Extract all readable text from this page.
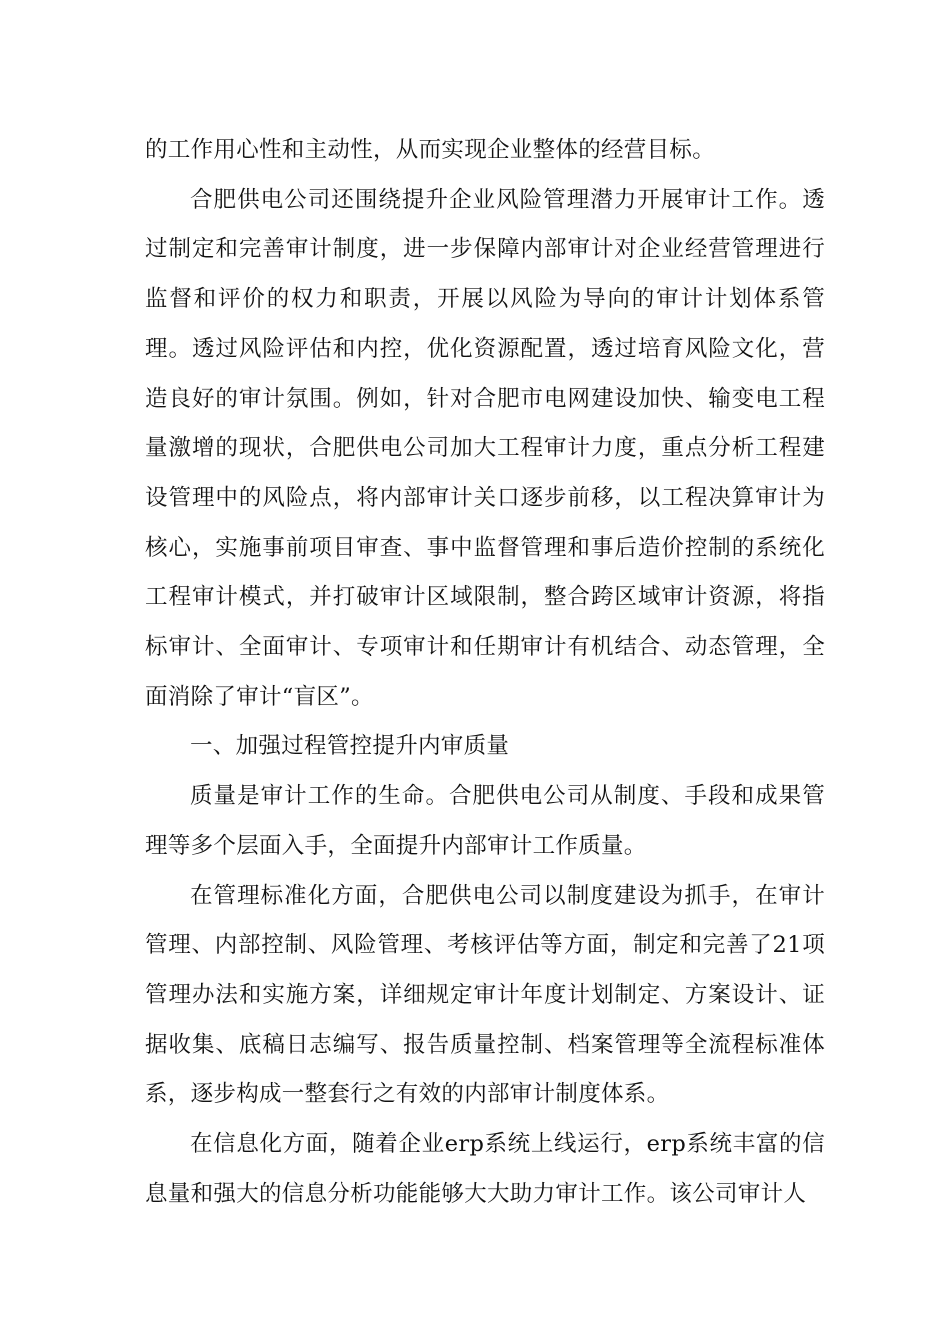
的工作用心性和主动性，从而实现企业整体的经营目标。

合肥供电公司还围绕提升企业风险管理潜力开展审计工作。透过制定和完善审计制度，进一步保障内部审计对企业经营管理进行监督和评价的权力和职责，开展以风险为导向的审计计划体系管理。透过风险评估和内控，优化资源配置，透过培育风险文化，营造良好的审计氛围。例如，针对合肥市电网建设加快、输变电工程量激增的现状，合肥供电公司加大工程审计力度，重点分析工程建设管理中的风险点，将内部审计关口逐步前移，以工程决算审计为核心，实施事前项目审查、事中监督管理和事后造价控制的系统化工程审计模式，并打破审计区域限制，整合跨区域审计资源，将指标审计、全面审计、专项审计和任期审计有机结合、动态管理，全面消除了审计“盲区”。

一、加强过程管控提升内审质量

质量是审计工作的生命。合肥供电公司从制度、手段和成果管理等多个层面入手，全面提升内部审计工作质量。

在管理标准化方面，合肥供电公司以制度建设为抓手，在审计管理、内部控制、风险管理、考核评估等方面，制定和完善了21项管理办法和实施方案，详细规定审计年度计划制定、方案设计、证据收集、底稿日志编写、报告质量控制、档案管理等全流程标准体系，逐步构成一整套行之有效的内部审计制度体系。

在信息化方面，随着企业erp系统上线运行，erp系统丰富的信息量和强大的信息分析功能能够大大助力审计工作。该公司审计人
